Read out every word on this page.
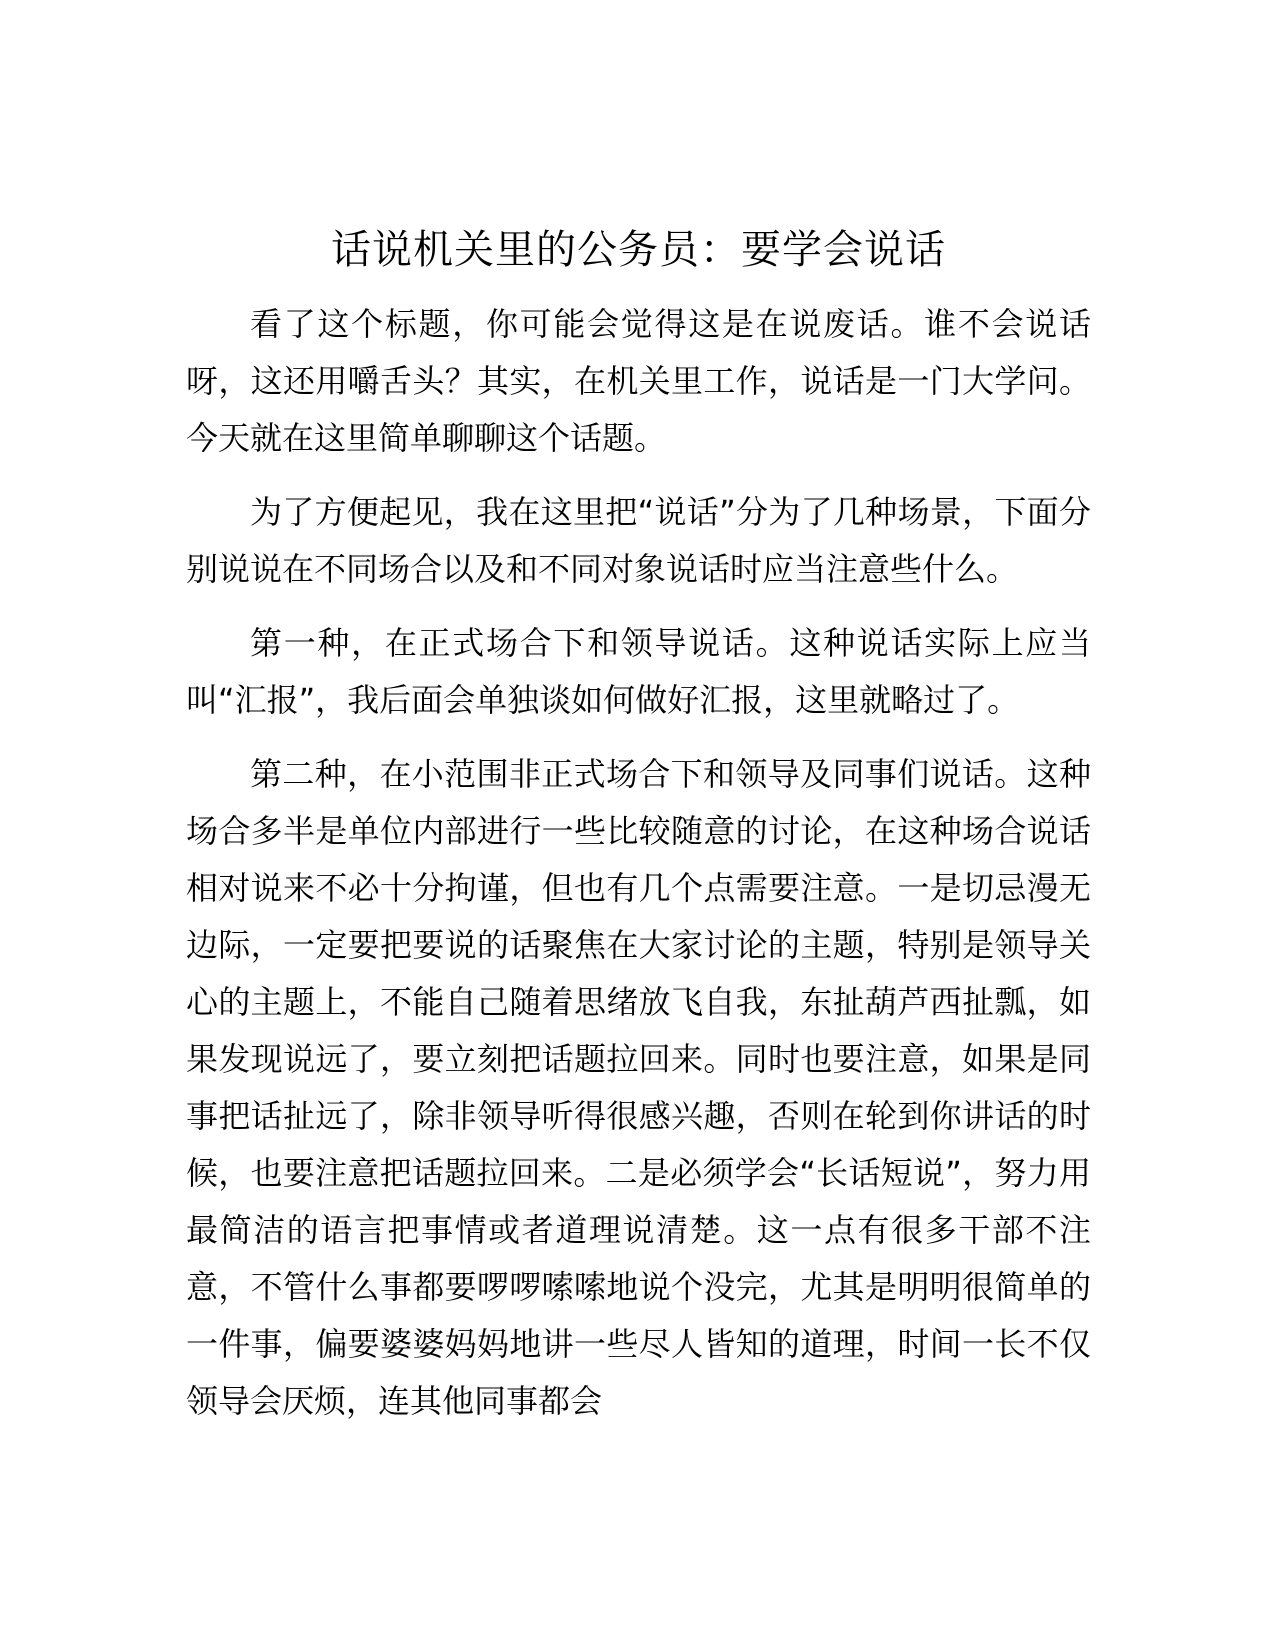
话说机关里的公务员：要学会说话

看了这个标题，你可能会觉得这是在说废话。谁不会说话呀，这还用嚼舌头？其实，在机关里工作，说话是一门大学问。今天就在这里简单聊聊这个话题。

为了方便起见，我在这里把“说话”分为了几种场景，下面分别说说在不同场合以及和不同对象说话时应当注意些什么。

第一种，在正式场合下和领导说话。这种说话实际上应当叫“汇报”，我后面会单独谈如何做好汇报，这里就略过了。

第二种，在小范围非正式场合下和领导及同事们说话。这种场合多半是单位内部进行一些比较随意的讨论，在这种场合说话相对说来不必十分拘谨，但也有几个点需要注意。一是切忌漫无边际，一定要把要说的话聚焦在大家讨论的主题，特别是领导关心的主题上，不能自己随着思绪放飞自我，东扯葫芦西扯瓢，如果发现说远了，要立刻把话题拉回来。同时也要注意，如果是同事把话扯远了，除非领导听得很感兴趣，否则在轮到你讲话的时候，也要注意把话题拉回来。二是必须学会“长话短说”，努力用最简洁的语言把事情或者道理说清楚。这一点有很多干部不注意，不管什么事都要啰啰嗦嗦地说个没完，尤其是明明很简单的一件事，偏要婆婆妈妈地讲一些尽人皆知的道理，时间一长不仅领导会厌烦，连其他同事都会
